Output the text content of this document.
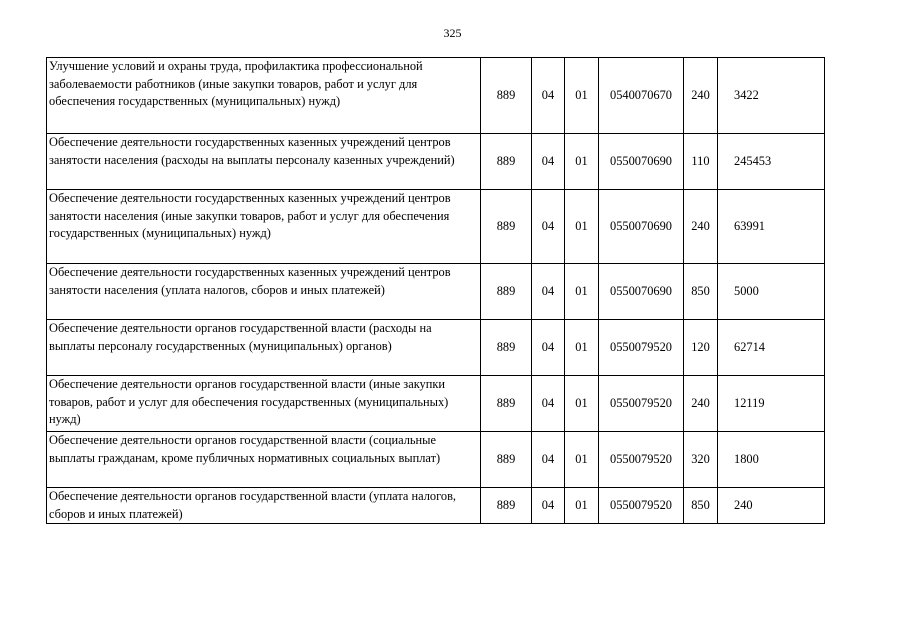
325
Улучшение условий и охраны труда, профилактика профессиональной заболеваемости работников (иные закупки товаров, работ и услуг для обеспечения государственных (муниципальных) нужд)	889	04	01	0540070670	240	3422
Обеспечение деятельности государственных казенных учреждений центров занятости населения (расходы на выплаты персоналу казенных учреждений)	889	04	01	0550070690	110	245453
Обеспечение деятельности государственных казенных учреждений центров занятости населения (иные закупки товаров, работ и услуг для обеспечения государственных (муниципальных) нужд)	889	04	01	0550070690	240	63991
Обеспечение деятельности государственных казенных учреждений центров занятости населения (уплата налогов, сборов и иных платежей)	889	04	01	0550070690	850	5000
Обеспечение деятельности органов государственной власти (расходы на выплаты персоналу государственных (муниципальных) органов)	889	04	01	0550079520	120	62714
Обеспечение деятельности органов государственной власти (иные закупки товаров, работ и услуг для обеспечения государственных (муниципальных) нужд)	889	04	01	0550079520	240	12119
Обеспечение деятельности органов государственной власти (социальные выплаты гражданам, кроме публичных нормативных социальных выплат)	889	04	01	0550079520	320	1800
Обеспечение деятельности органов государственной власти (уплата налогов, сборов и иных платежей)	889	04	01	0550079520	850	240
